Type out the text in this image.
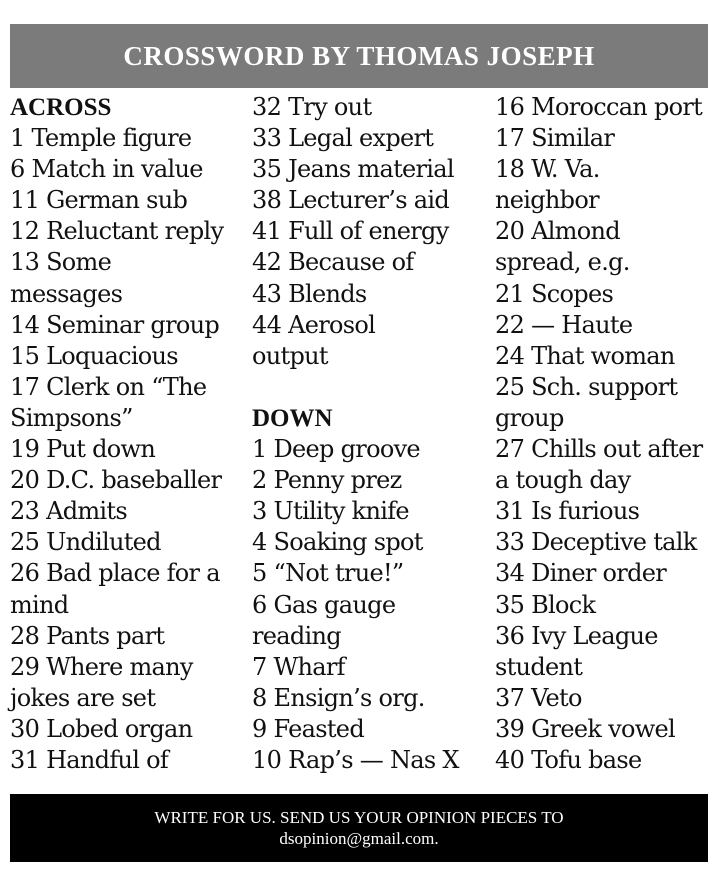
CROSSWORD BY THOMAS JOSEPH
ACROSS
1 Temple figure
6 Match in value
11 German sub
12 Reluctant reply
13 Some messages
14 Seminar group
15 Loquacious
17 Clerk on “The Simpsons”
19 Put down
20 D.C. baseballer
23 Admits
25 Undiluted
26 Bad place for a mind
28 Pants part
29 Where many jokes are set
30 Lobed organ
31 Handful of
32 Try out
33 Legal expert
35 Jeans material
38 Lecturer’s aid
41 Full of energy
42 Because of
43 Blends
44 Aerosol output
DOWN
1 Deep groove
2 Penny prez
3 Utility knife
4 Soaking spot
5 “Not true!”
6 Gas gauge reading
7 Wharf
8 Ensign’s org.
9 Feasted
10 Rap’s — Nas X
16 Moroccan port
17 Similar
18 W. Va. neighbor
20 Almond spread, e.g.
21 Scopes
22 — Haute
24 That woman
25 Sch. support group
27 Chills out after a tough day
31 Is furious
33 Deceptive talk
34 Diner order
35 Block
36 Ivy League student
37 Veto
39 Greek vowel
40 Tofu base
WRITE FOR US. SEND US YOUR OPINION PIECES TO
dsopinion@gmail.com.
